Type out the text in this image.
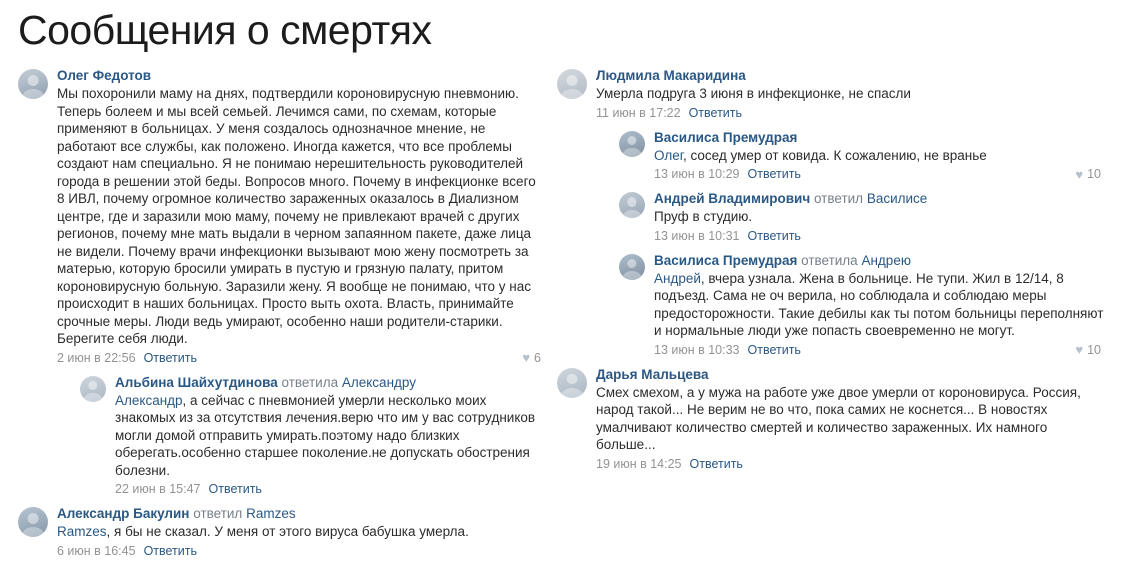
Сообщения о смертях
Олег Федотов
Мы похоронили маму на днях, подтвердили короновирусную пневмонию. Теперь болеем и мы всей семьей. Лечимся сами, по схемам, которые применяют в больницах. У меня создалось однозначное мнение, не работают все службы, как положено. Иногда кажется, что все проблемы создают нам специально. Я не понимаю нерешительность руководителей города в решении этой беды. Вопросов много. Почему в инфекционке всего 8 ИВЛ, почему огромное количество зараженных оказалось в Диализном центре, где и заразили мою маму, почему не привлекают врачей с других регионов, почему мне мать выдали в черном запаянном пакете, даже лица не видели. Почему врачи инфекционки вызывают мою жену посмотреть за матерью, которую бросили умирать в пустую и грязную палату, притом короновирусную больную. Заразили жену. Я вообще не понимаю, что у нас происходит в наших больницах. Просто выть охота. Власть, принимайте срочные меры. Люди ведь умирают, особенно наши родители-старики. Берегите себя люди.
2 июн в 22:56 Ответить	♥ 6
Альбина Шайхутдинова ответила Александру
Александр, а сейчас с пневмонией умерли несколько моих знакомых из за отсутствия лечения.верю что им у вас сотрудников могли домой отправить умирать.поэтому надо близких оберегать.особенно старшее поколение.не допускать обострения болезни.
22 июн в 15:47 Ответить
Александр Бакулин ответил Ramzes
Ramzes, я бы не сказал. У меня от этого вируса бабушка умерла.
6 июн в 16:45 Ответить
Людмила Макаридина
Умерла подруга 3 июня в инфекционке, не спасли
11 июн в 17:22 Ответить
Василиса Премудрая
Олег, сосед умер от ковида. К сожалению, не вранье
13 июн в 10:29 Ответить	♥ 10
Андрей Владимирович ответил Василисе
Пруф в студию.
13 июн в 10:31 Ответить
Василиса Премудрая ответила Андрею
Андрей, вчера узнала. Жена в больнице. Не тупи. Жил в 12/14, 8 подъезд. Сама не оч верила, но соблюдала и соблюдаю меры предосторожности. Такие дебилы как ты потом больницы переполняют и нормальные люди уже попасть своевременно не могут.
13 июн в 10:33 Ответить	♥ 10
Дарья Мальцева
Смех смехом, а у мужа на работе уже двое умерли от короновируса. Россия, народ такой... Не верим не во что, пока самих не коснется... В новостях умалчивают количество смертей и количество зараженных. Их намного больше...
19 июн в 14:25 Ответить
